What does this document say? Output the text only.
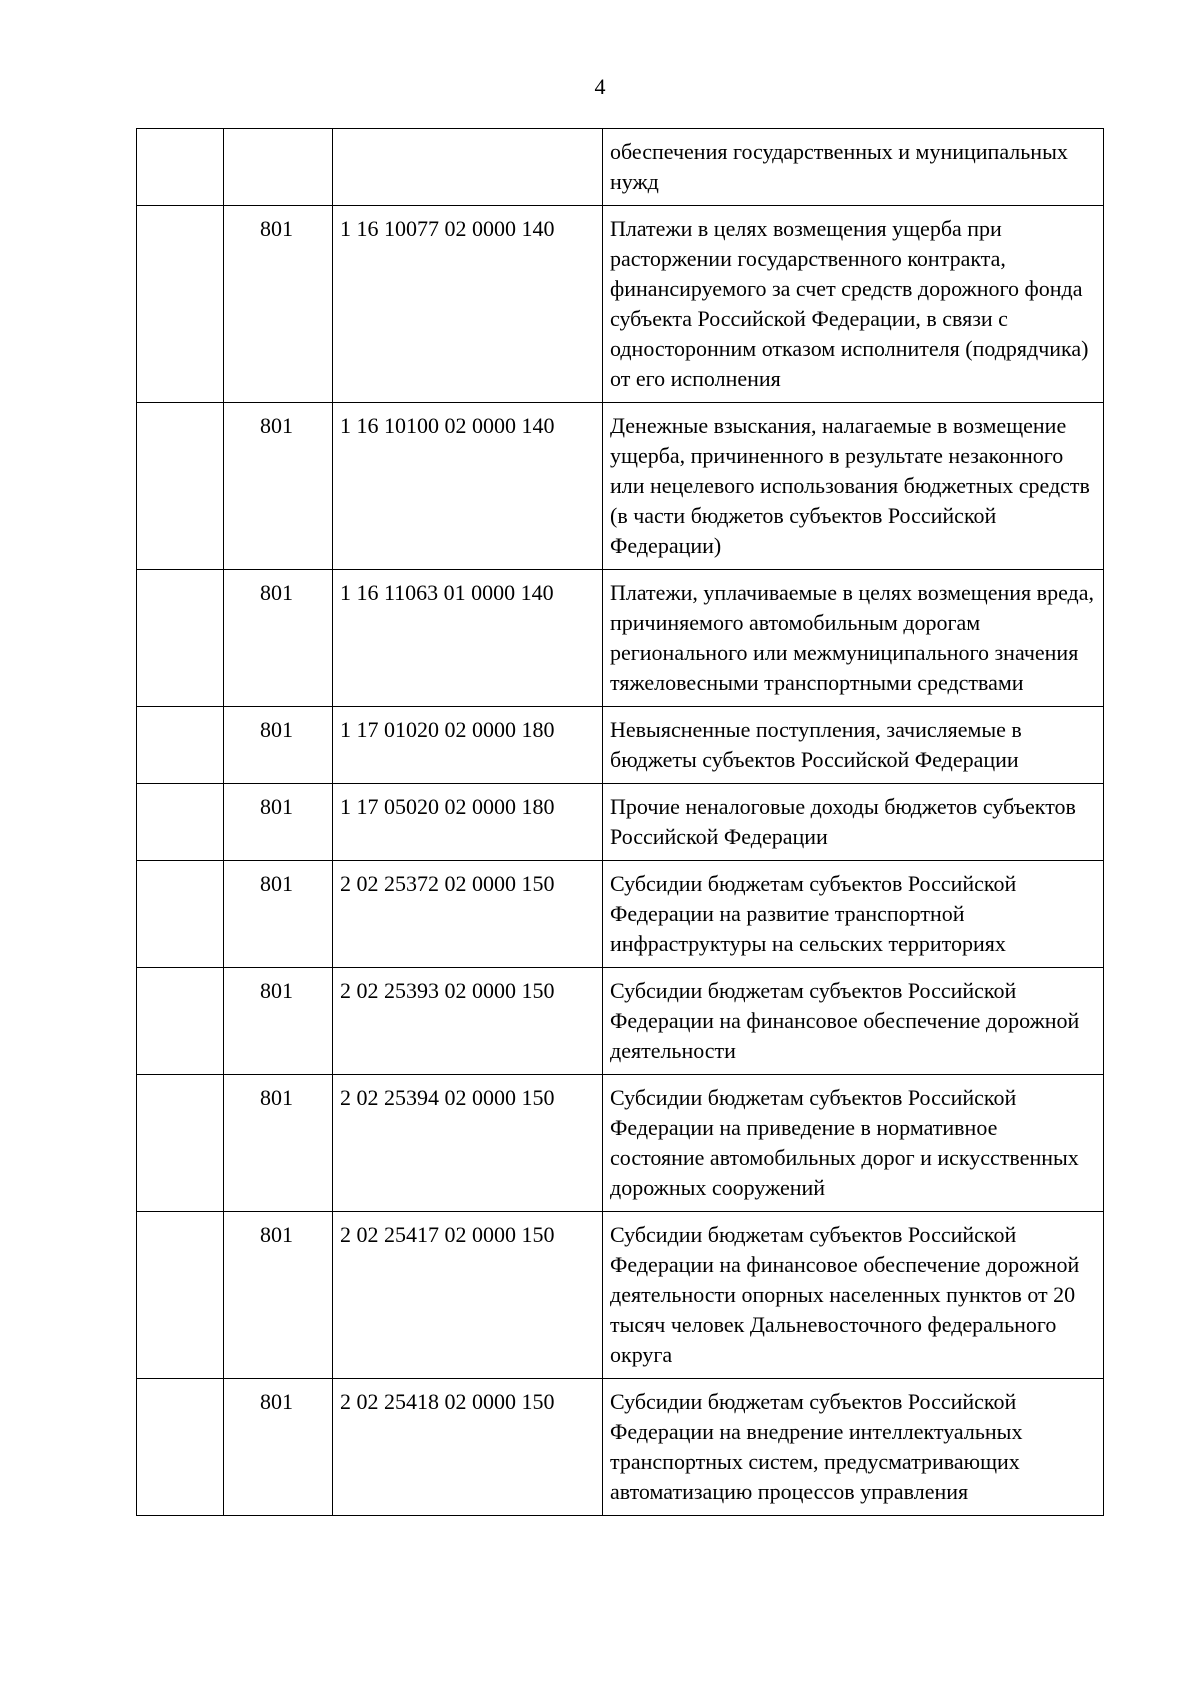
4
			обеспечения государственных и муниципальных нужд
	801	1 16 10077 02 0000 140	Платежи в целях возмещения ущерба при расторжении государственного контракта, финансируемого за счет средств дорожного фонда субъекта Российской Федерации, в связи с односторонним отказом исполнителя (подрядчика) от его исполнения
	801	1 16 10100 02 0000 140	Денежные взыскания, налагаемые в возмещение ущерба, причиненного в результате незаконного или нецелевого использования бюджетных средств (в части бюджетов субъектов Российской Федерации)
	801	1 16 11063 01 0000 140	Платежи, уплачиваемые в целях возмещения вреда, причиняемого автомобильным дорогам регионального или межмуниципального значения тяжеловесными транспортными средствами
	801	1 17 01020 02 0000 180	Невыясненные поступления, зачисляемые в бюджеты субъектов Российской Федерации
	801	1 17 05020 02 0000 180	Прочие неналоговые доходы бюджетов субъектов Российской Федерации
	801	2 02 25372 02 0000 150	Субсидии бюджетам субъектов Российской Федерации на развитие транспортной инфраструктуры на сельских территориях
	801	2 02 25393 02 0000 150	Субсидии бюджетам субъектов Российской Федерации на финансовое обеспечение дорожной деятельности
	801	2 02 25394 02 0000 150	Субсидии бюджетам субъектов Российской Федерации на приведение в нормативное состояние автомобильных дорог и искусственных дорожных сооружений
	801	2 02 25417 02 0000 150	Субсидии бюджетам субъектов Российской Федерации на финансовое обеспечение дорожной деятельности опорных населенных пунктов от 20 тысяч человек Дальневосточного федерального округа
	801	2 02 25418 02 0000 150	Субсидии бюджетам субъектов Российской Федерации на внедрение интеллектуальных транспортных систем, предусматривающих автоматизацию процессов управления
